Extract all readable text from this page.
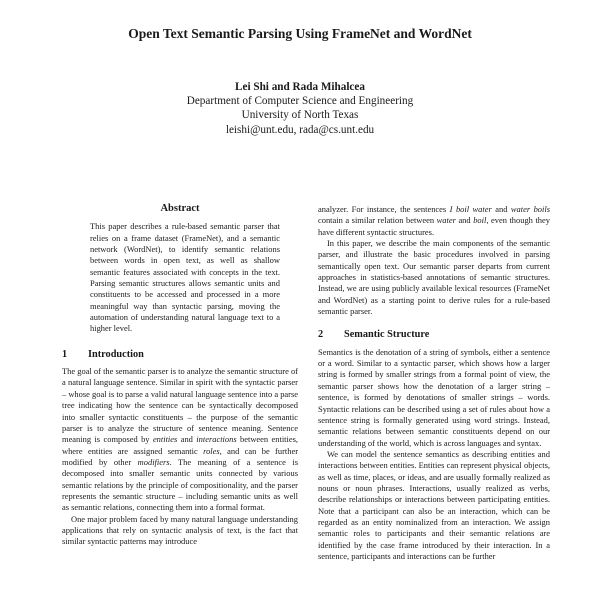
Open Text Semantic Parsing Using FrameNet and WordNet
Lei Shi and Rada Mihalcea
Department of Computer Science and Engineering
University of North Texas
leishi@unt.edu, rada@cs.unt.edu
Abstract

This paper describes a rule-based semantic parser that relies on a frame dataset (FrameNet), and a semantic network (WordNet), to identify semantic relations between words in open text, as well as shallow semantic features associated with concepts in the text. Parsing semantic structures allows semantic units and constituents to be accessed and processed in a more meaningful way than syntactic parsing, moving the automation of understanding natural language text to a higher level.

1 Introduction

The goal of the semantic parser is to analyze the semantic structure of a natural language sentence. Similar in spirit with the syntactic parser – whose goal is to parse a valid natural language sentence into a parse tree indicating how the sentence can be syntactically decomposed into smaller syntactic constituents – the purpose of the semantic parser is to analyze the structure of sentence meaning. Sentence meaning is composed by entities and interactions between entities, where entities are assigned semantic roles, and can be further modified by other modifiers. The meaning of a sentence is decomposed into smaller semantic units connected by various semantic relations by the principle of compositionality, and the parser represents the semantic structure – including semantic units as well as semantic relations, connecting them into a formal format.

One major problem faced by many natural language understanding applications that rely on syntactic analysis of text, is the fact that similar syntactic patterns may introduce

analyzer. For instance, the sentences I boil water and water boils contain a similar relation between water and boil, even though they have different syntactic structures.

In this paper, we describe the main components of the semantic parser, and illustrate the basic procedures involved in parsing semantically open text. Our semantic parser departs from current approaches in statistics-based annotations of semantic structures. Instead, we are using publicly available lexical resources (FrameNet and WordNet) as a starting point to derive rules for a rule-based semantic parser.

2 Semantic Structure

Semantics is the denotation of a string of symbols, either a sentence or a word. Similar to a syntactic parser, which shows how a larger string is formed by smaller strings from a formal point of view, the semantic parser shows how the denotation of a larger string – sentence, is formed by denotations of smaller strings – words. Syntactic relations can be described using a set of rules about how a sentence string is formally generated using word strings. Instead, semantic relations between semantic constituents depend on our understanding of the world, which is across languages and syntax.

We can model the sentence semantics as describing entities and interactions between entities. Entities can represent physical objects, as well as time, places, or ideas, and are usually formally realized as nouns or noun phrases. Interactions, usually realized as verbs, describe relationships or interactions between participating entities. Note that a participant can also be an interaction, which can be regarded as an entity nominalized from an interaction. We assign semantic roles to participants and their semantic relations are identified by the case frame introduced by their interaction. In a sentence, participants and interactions can be further
